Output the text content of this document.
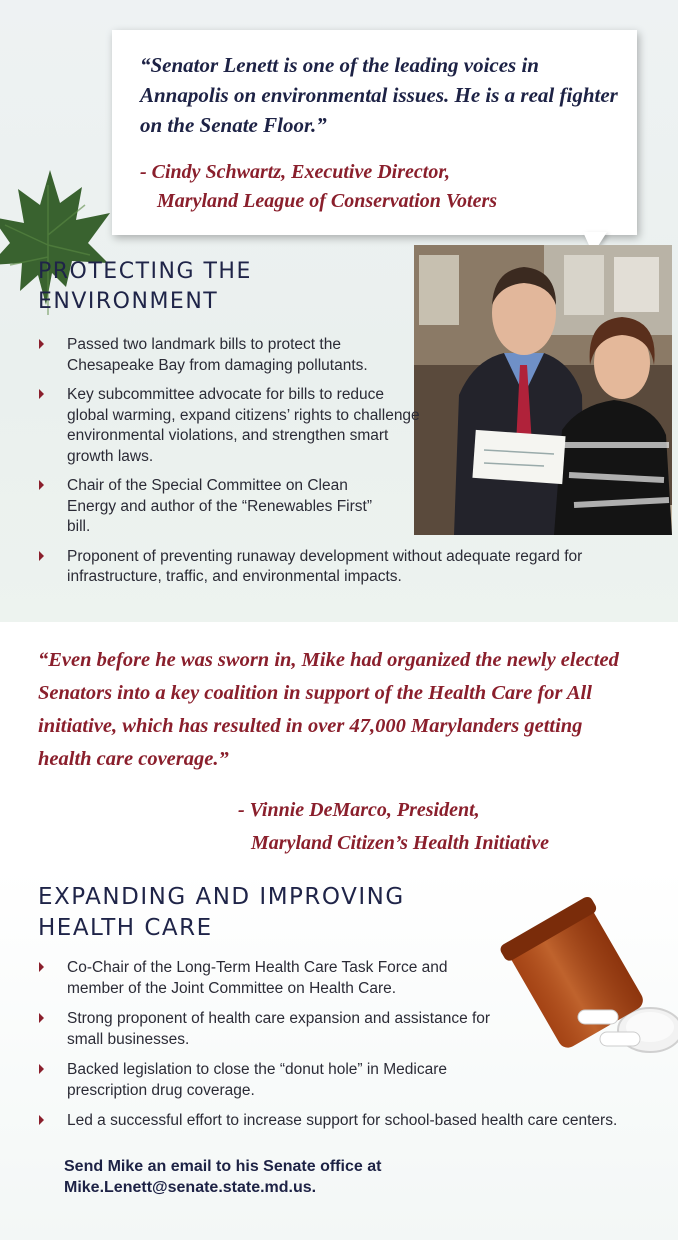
“Senator Lenett is one of the leading voices in Annapolis on environmental issues. He is a real fighter on the Senate Floor.”

- Cindy Schwartz, Executive Director,
Maryland League of Conservation Voters
PROTECTING THE
ENVIRONMENT
Passed two landmark bills to protect the Chesapeake Bay from damaging pollutants.
Key subcommittee advocate for bills to reduce global warming, expand citizens’ rights to challenge environmental violations, and strengthen smart growth laws.
Chair of the Special Committee on Clean Energy and author of the “Renewables First” bill.
Proponent of preventing runaway development without adequate regard for infrastructure, traffic, and environmental impacts.

“Even before he was sworn in, Mike had organized the newly elected Senators into a key coalition in support of the Health Care for All initiative, which has resulted in over 47,000 Marylanders getting health care coverage.”

- Vinnie DeMarco, President,
Maryland Citizen’s Health Initiative
EXPANDING AND IMPROVING
HEALTH CARE
Co-Chair of the Long-Term Health Care Task Force and member of the Joint Committee on Health Care.
Strong proponent of health care expansion and assistance for small businesses.
Backed legislation to close the “donut hole” in Medicare prescription drug coverage.
Led a successful effort to increase support for school-based health care centers.
Send Mike an email to his Senate office at
Mike.Lenett@senate.state.md.us.
